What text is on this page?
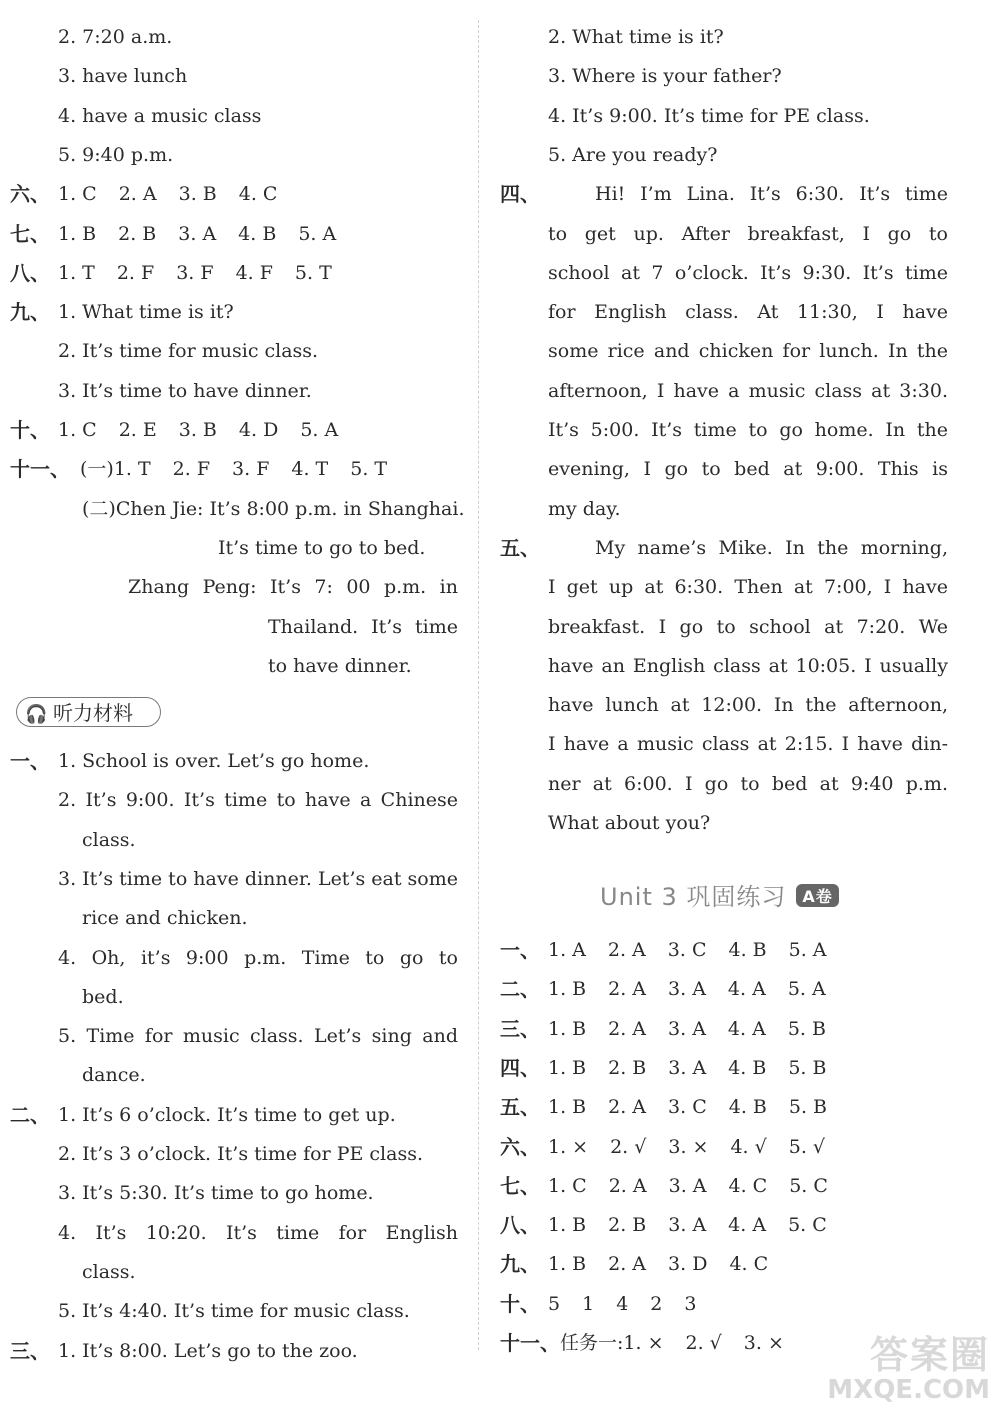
2. 7:20 a.m.
3. have lunch
4. have a music class
5. 9:40 p.m.
六、 1. C 2. A 3. B 4. C
七、 1. B 2. B 3. A 4. B 5. A
八、 1. T 2. F 3. F 4. F 5. T
九、 1. What time is it?
2. It’s time for music class.
3. It’s time to have dinner.
十、 1. C 2. E 3. B 4. D 5. A
十一、 (一)1. T 2. F 3. F 4. T 5. T
(二)Chen Jie: It’s 8:00 p.m. in Shanghai.
It’s time to go to bed.
Zhang Peng: It’s 7: 00 p.m. in
Thailand. It’s time
to have dinner.
一、 1. School is over. Let’s go home.
2. It’s 9:00. It’s time to have a Chinese
class.
3. It’s time to have dinner. Let’s eat some
rice and chicken.
4. Oh, it’s 9:00 p.m. Time to go to
bed.
5. Time for music class. Let’s sing and
dance.
二、 1. It’s 6 o’clock. It’s time to get up.
2. It’s 3 o’clock. It’s time for PE class.
3. It’s 5:30. It’s time to go home.
4. It’s 10:20. It’s time for English
class.
5. It’s 4:40. It’s time for music class.
三、 1. It’s 8:00. Let’s go to the zoo.
2. What time is it?
3. Where is your father?
4. It’s 9:00. It’s time for PE class.
5. Are you ready?
四、	Hi! I’m Lina. It’s 6:30. It’s time
to get up. After breakfast, I go to
school at 7 o’clock. It’s 9:30. It’s time
for English class. At 11:30, I have
some rice and chicken for lunch. In the
afternoon, I have a music class at 3:30.
It’s 5:00. It’s time to go home. In the
evening, I go to bed at 9:00. This is
my day.
五、	My name’s Mike. In the morning,
I get up at 6:30. Then at 7:00, I have
breakfast. I go to school at 7:20. We
have an English class at 10:05. I usually
have lunch at 12:00. In the afternoon,
I have a music class at 2:15. I have din-
ner at 6:00. I go to bed at 9:40 p.m.
What about you?
一、 1. A 2. A 3. C 4. B 5. A
二、 1. B 2. A 3. A 4. A 5. A
三、 1. B 2. A 3. A 4. A 5. B
四、 1. B 2. B 3. A 4. B 5. B
五、 1. B 2. A 3. C 4. B 5. B
六、 1. × 2. √ 3. × 4. √ 5. √
七、 1. C 2. A 3. A 4. C 5. C
八、 1. B 2. B 3. A 4. A 5. C
九、 1. B 2. A 3. D 4. C
十、 5 1 4 2 3
十一、 任务一:1. × 2. √ 3. ×
🎧 听力材料
Unit 3 巩固练习 A卷
答案圈
MXQE.COM
